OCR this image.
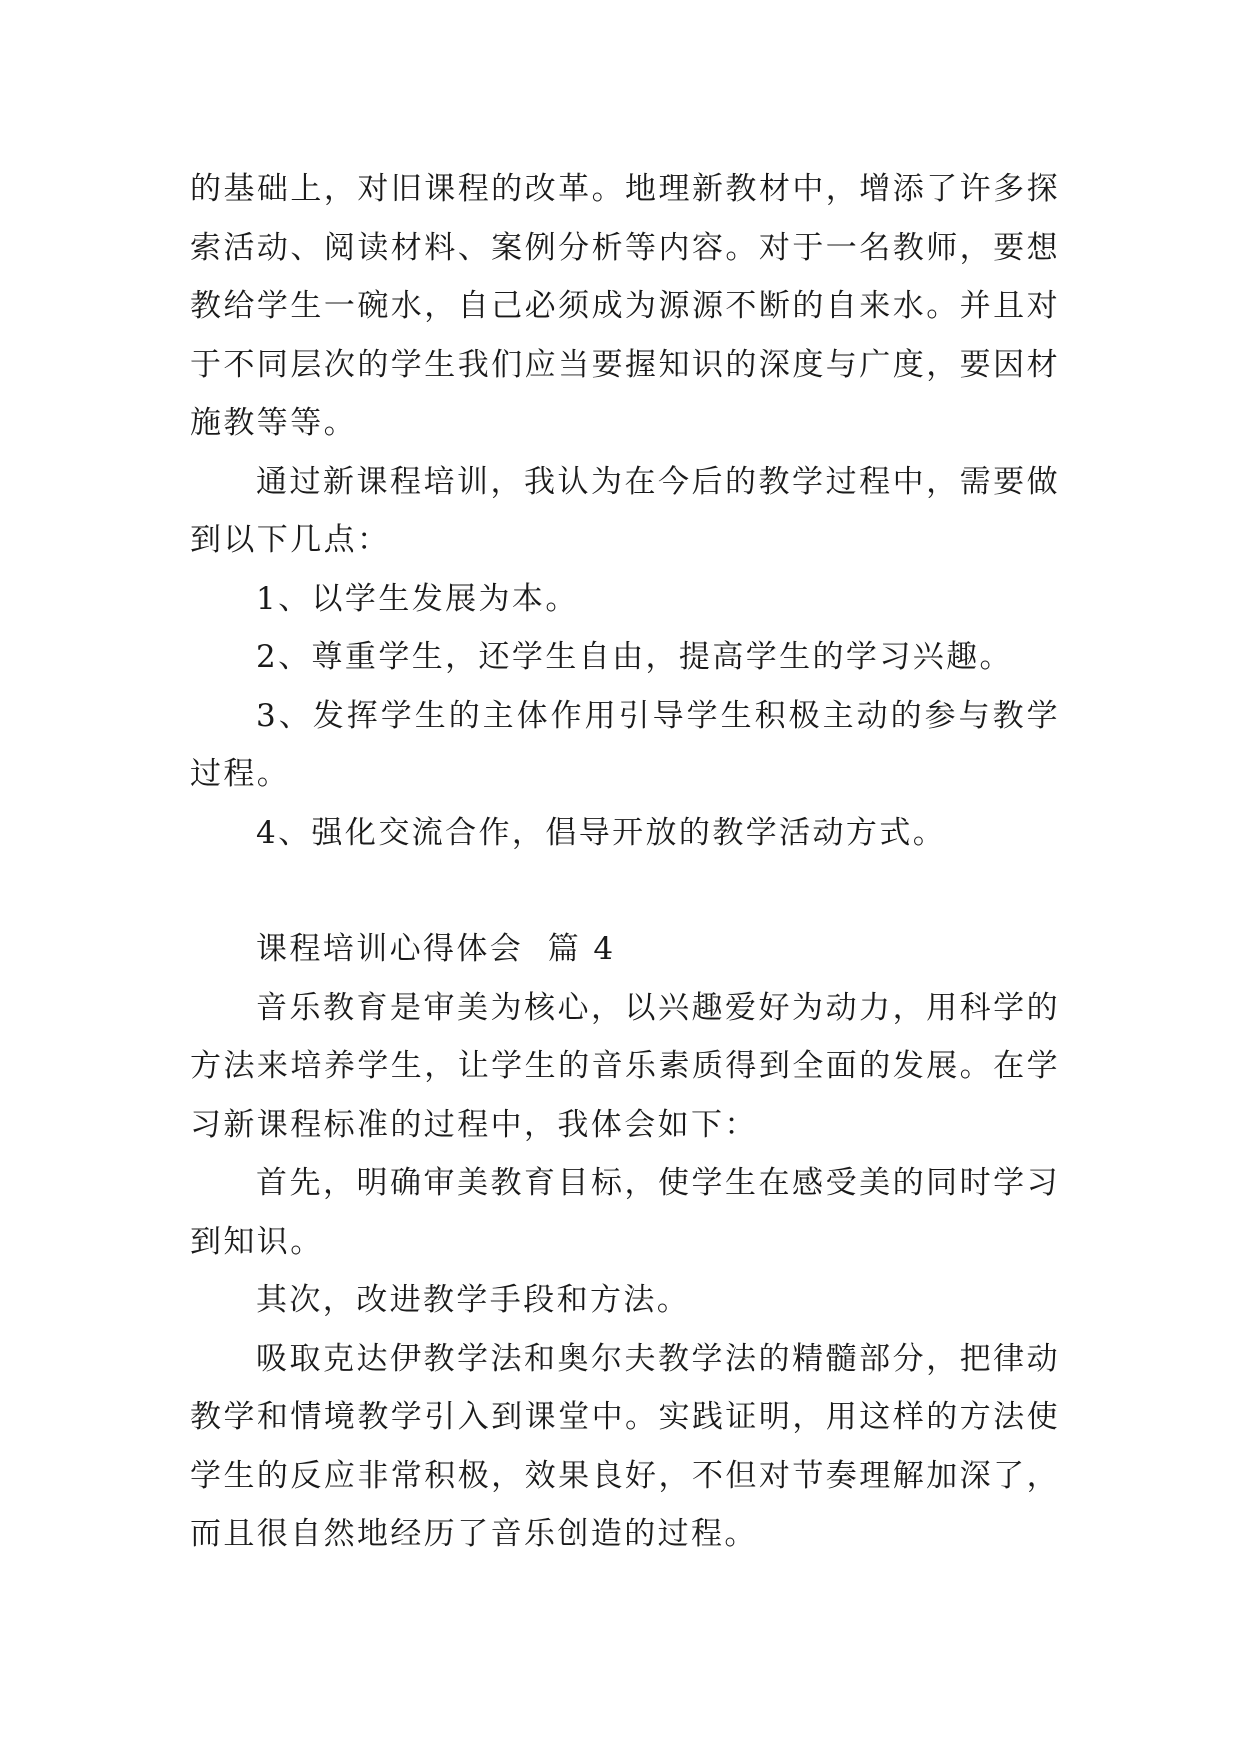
的基础上，对旧课程的改革。地理新教材中，增添了许多探索活动、阅读材料、案例分析等内容。对于一名教师，要想教给学生一碗水，自己必须成为源源不断的自来水。并且对于不同层次的学生我们应当要握知识的深度与广度，要因材施教等等。

通过新课程培训，我认为在今后的教学过程中，需要做到以下几点：

1、以学生发展为本。

2、尊重学生，还学生自由，提高学生的学习兴趣。

3、发挥学生的主体作用引导学生积极主动的参与教学过程。

4、强化交流合作，倡导开放的教学活动方式。

课程培训心得体会  篇 4

音乐教育是审美为核心，以兴趣爱好为动力，用科学的方法来培养学生，让学生的音乐素质得到全面的发展。在学习新课程标准的过程中，我体会如下：

首先，明确审美教育目标，使学生在感受美的同时学习到知识。

其次，改进教学手段和方法。

吸取克达伊教学法和奥尔夫教学法的精髓部分，把律动教学和情境教学引入到课堂中。实践证明，用这样的方法使学生的反应非常积极，效果良好，不但对节奏理解加深了，而且很自然地经历了音乐创造的过程。
